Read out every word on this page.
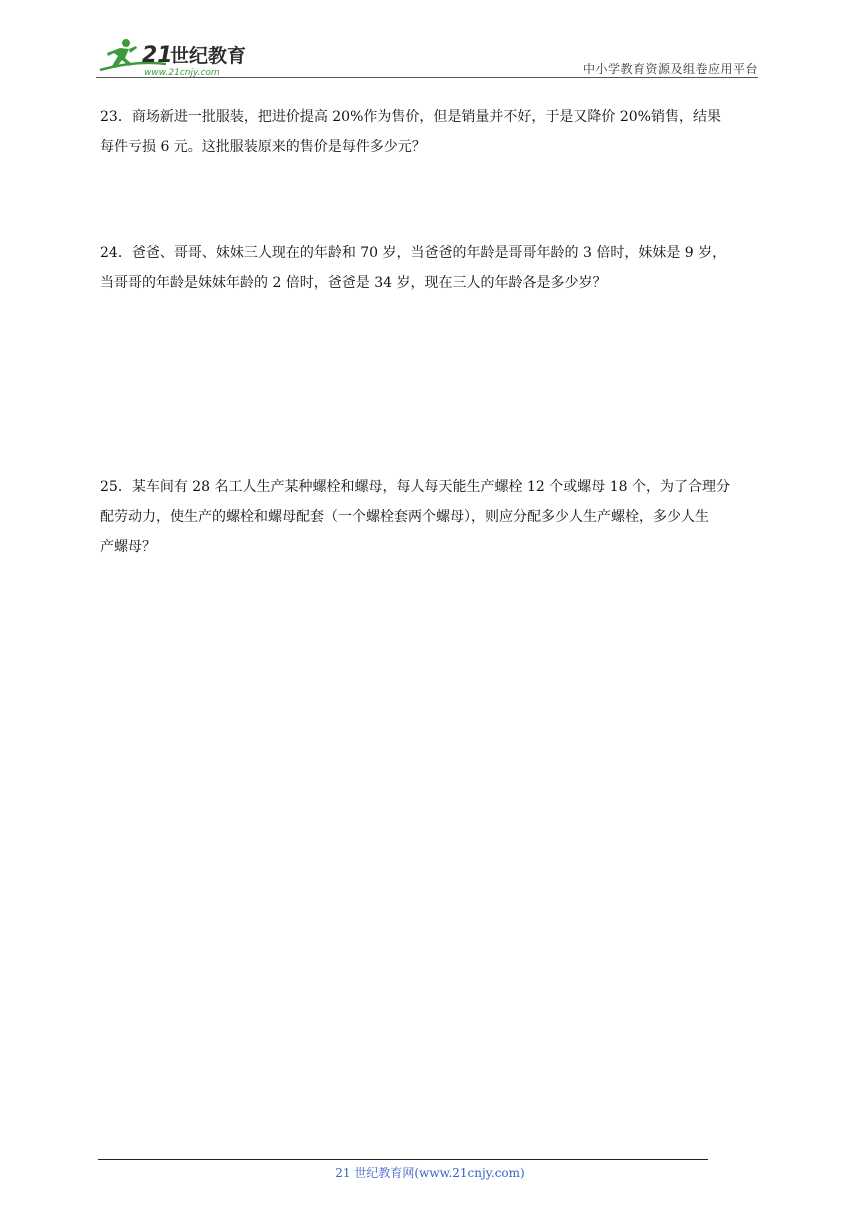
21
世纪教育
www.21cnjy.com	中小学教育资源及组卷应用平台
23．商场新进一批服装，把进价提高 20%作为售价，但是销量并不好，于是又降价 20%销售，结果
每件亏损 6 元。这批服装原来的售价是每件多少元？
24．爸爸、哥哥、妹妹三人现在的年龄和 70 岁，当爸爸的年龄是哥哥年龄的 3 倍时，妹妹是 9 岁，
当哥哥的年龄是妹妹年龄的 2 倍时，爸爸是 34 岁，现在三人的年龄各是多少岁？
25．某车间有 28 名工人生产某种螺栓和螺母，每人每天能生产螺栓 12 个或螺母 18 个，为了合理分
配劳动力，使生产的螺栓和螺母配套（一个螺栓套两个螺母），则应分配多少人生产螺栓，多少人生
产螺母？
21 世纪教育网(www.21cnjy.com)
